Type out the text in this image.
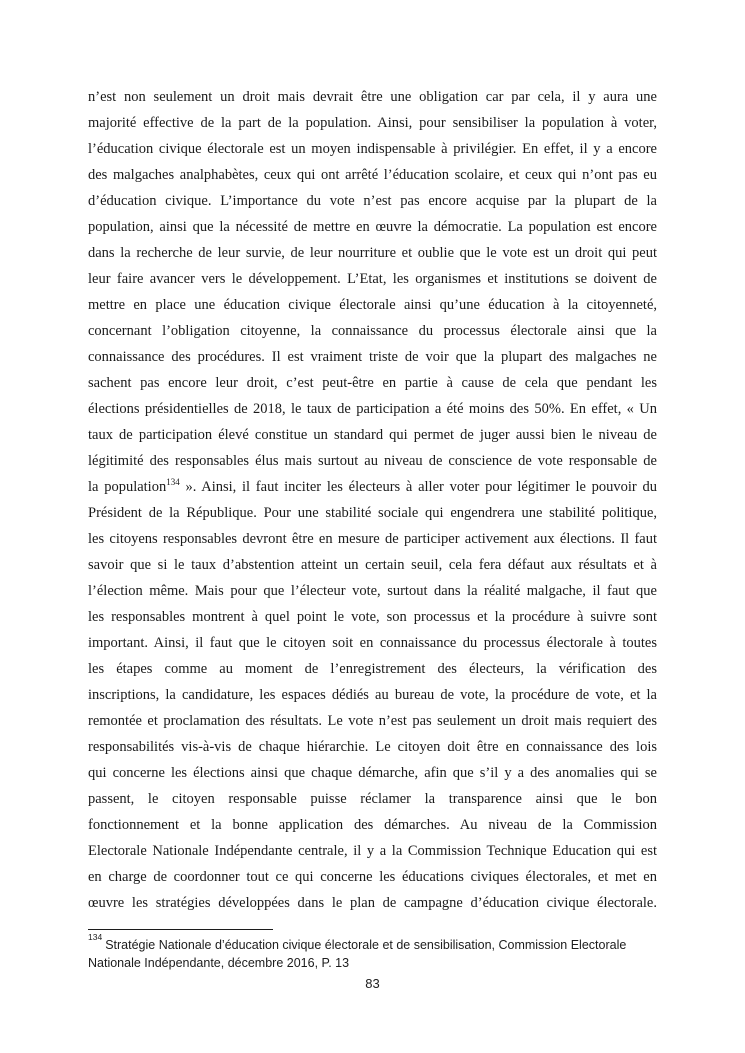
n’est non seulement un droit mais devrait être une obligation car par cela, il y aura une
majorité effective de la part de la population. Ainsi, pour sensibiliser la population à voter,
l’éducation civique électorale est un moyen indispensable à privilégier. En effet, il y a encore
des malgaches analphabètes, ceux qui ont arrêté l’éducation scolaire, et ceux qui n’ont pas eu
d’éducation civique. L’importance du vote n’est pas encore acquise par la plupart de la
population, ainsi que la nécessité de mettre en œuvre la démocratie. La population est encore
dans la recherche de leur survie, de leur nourriture et oublie que le vote est un droit qui peut
leur faire avancer vers le développement. L’Etat, les organismes et institutions se doivent de
mettre en place une éducation civique électorale ainsi qu’une éducation à la citoyenneté,
concernant l’obligation citoyenne, la connaissance du processus électorale ainsi que la
connaissance des procédures. Il est vraiment triste de voir que la plupart des malgaches ne
sachent pas encore leur droit, c’est peut-être en partie à cause de cela que pendant les
élections présidentielles de 2018, le taux de participation a été moins des 50%. En effet, « Un
taux de participation élevé constitue un standard qui permet de juger aussi bien le niveau de
légitimité des responsables élus mais surtout au niveau de conscience de vote responsable de
la population$^{134}$ ». Ainsi, il faut inciter les électeurs à aller voter pour légitimer le pouvoir du
Président de la République. Pour une stabilité sociale qui engendrera une stabilité politique,
les citoyens responsables devront être en mesure de participer activement aux élections. Il faut
savoir que si le taux d’abstention atteint un certain seuil, cela fera défaut aux résultats et à
l’élection même. Mais pour que l’électeur vote, surtout dans la réalité malgache, il faut que
les responsables montrent à quel point le vote, son processus et la procédure à suivre sont
important. Ainsi, il faut que le citoyen soit en connaissance du processus électorale à toutes
les étapes comme au moment de l’enregistrement des électeurs, la vérification des
inscriptions, la candidature, les espaces dédiés au bureau de vote, la procédure de vote, et la
remontée et proclamation des résultats. Le vote n’est pas seulement un droit mais requiert des
responsabilités vis-à-vis de chaque hiérarchie. Le citoyen doit être en connaissance des lois
qui concerne les élections ainsi que chaque démarche, afin que s’il y a des anomalies qui se
passent, le citoyen responsable puisse réclamer la transparence ainsi que le bon
fonctionnement et la bonne application des démarches. Au niveau de la Commission
Electorale Nationale Indépendante centrale, il y a la Commission Technique Education qui est
en charge de coordonner tout ce qui concerne les éducations civiques électorales, et met en
œuvre les stratégies développées dans le plan de campagne d’éducation civique électorale.
$^{134}$Stratégie Nationale d’éducation civique électorale et de sensibilisation, Commission Electorale
Nationale Indépendante, décembre 2016, P. 13
83
